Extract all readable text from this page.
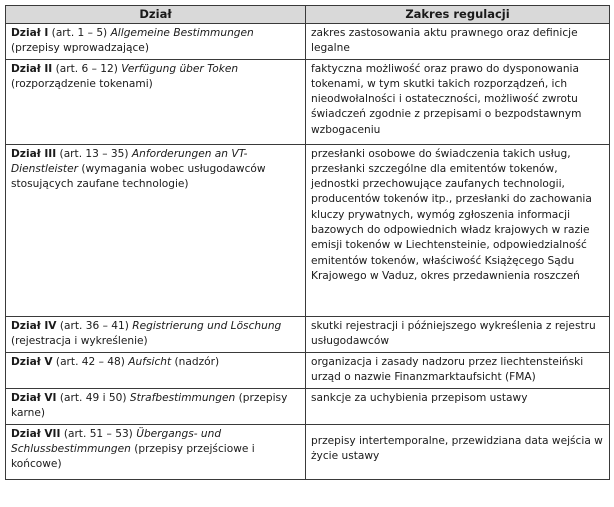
Dział	Zakres regulacji
Dział I (art. 1 – 5) Allgemeine Bestimmungen (przepisy wprowadzające)	zakres zastosowania aktu prawnego oraz definicje legalne
Dział II (art. 6 – 12) Verfügung über Token (rozporządzenie tokenami)	faktyczna możliwość oraz prawo do dysponowania tokenami, w tym skutki takich rozporządzeń, ich nieodwołalności i ostateczności, możliwość zwrotu świadczeń zgodnie z przepisami o bezpodstawnym wzbogaceniu
Dział III (art. 13 – 35) Anforderungen an VT-Dienstleister (wymagania wobec usługodawców stosujących zaufane technologie)	przesłanki osobowe do świadczenia takich usług, przesłanki szczególne dla emitentów tokenów, jednostki przechowujące zaufanych technologii, producentów tokenów itp., przesłanki do zachowania kluczy prywatnych, wymóg zgłoszenia informacji bazowych do odpowiednich władz krajowych w razie emisji tokenów w Liechtensteinie, odpowiedzialność emitentów tokenów, właściwość Książęcego Sądu Krajowego w Vaduz, okres przedawnienia roszczeń
Dział IV (art. 36 – 41) Registrierung und Löschung (rejestracja i wykreślenie)	skutki rejestracji i późniejszego wykreślenia z rejestru usługodawców
Dział V (art. 42 – 48) Aufsicht (nadzór)	organizacja i zasady nadzoru przez liechtensteiński urząd o nazwie Finanzmarktaufsicht (FMA)
Dział VI (art. 49 i 50) Strafbestimmungen (przepisy karne)	sankcje za uchybienia przepisom ustawy
Dział VII (art. 51 – 53) Übergangs- und Schlussbestimmungen (przepisy przejściowe i końcowe)	przepisy intertemporalne, przewidziana data wejścia w życie ustawy
